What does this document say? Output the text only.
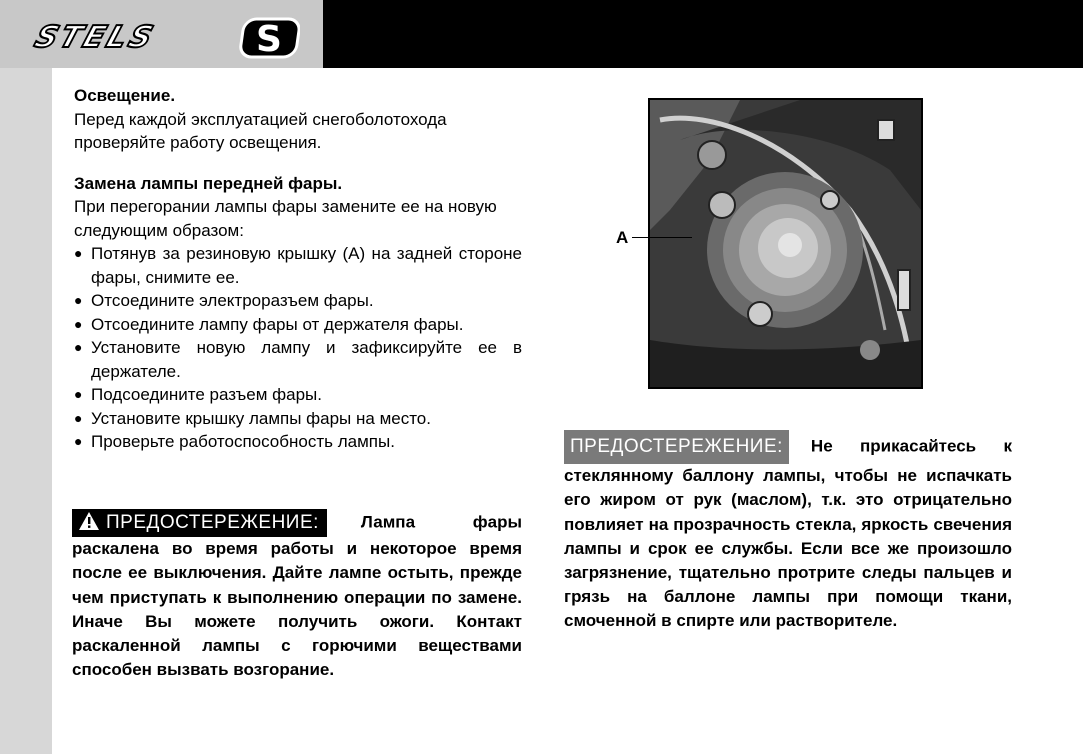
STELS	S

Освещение.

Перед каждой эксплуатацией снегоболотохода проверяйте работу освещения.

Замена лампы передней фары.

При перегорании лампы фары замените ее на новую следующим образом:

● Потянув за резиновую крышку (А) на задней стороне фары, снимите ее.
● Отсоедините электроразъем фары.
● Отсоедините лампу фары от держателя фары.
● Установите новую лампу и зафиксируйте ее в держателе.
● Подсоедините разъем фары.
● Установите крышку лампы фары на место.
● Проверьте работоспособность лампы.
ПРЕДОСТЕРЕЖЕНИЕ: Лампа фары раскалена во время работы и некоторое время после ее выключения. Дайте лампе остыть, прежде чем приступать к выполнению операции по замене. Иначе Вы можете получить ожоги. Контакт раскаленной лампы с горючими веществами способен вызвать возгорание.
А
ПРЕДОСТЕРЕЖЕНИЕ: Не прикасайтесь к стеклянному баллону лампы, чтобы не испачкать его жиром от рук (маслом), т.к. это отрицательно повлияет на прозрачность стекла, яркость свечения лампы и срок ее службы. Если все же произошло загрязнение, тщательно протрите следы пальцев и грязь на баллоне лампы при помощи ткани, смоченной в спирте или растворителе.
